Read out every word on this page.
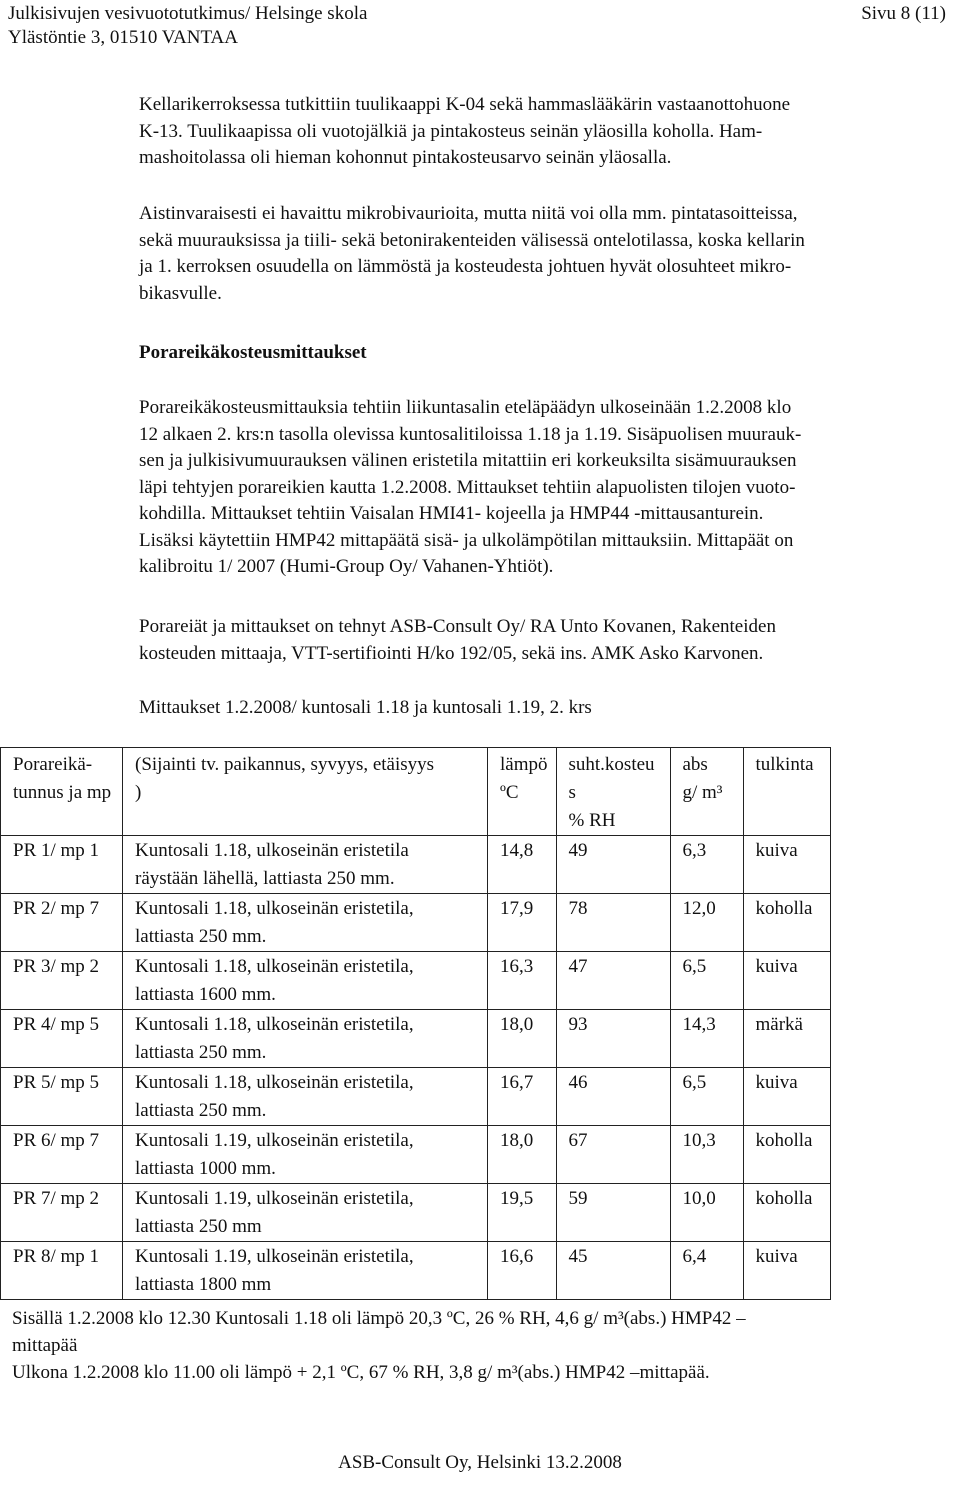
Julkisivujen vesivuototutkimus/ Helsinge skola
Ylästöntie 3, 01510 VANTAA
Sivu 8 (11)
Kellarikerroksessa tutkittiin tuulikaappi K-04 sekä hammaslääkärin vastaanottohuone
K-13. Tuulikaapissa oli vuotojälkiä ja pintakosteus seinän yläosilla koholla. Ham-
mashoitolassa oli hieman kohonnut pintakosteusarvo seinän yläosalla.
Aistinvaraisesti ei havaittu mikrobivaurioita, mutta niitä voi olla mm. pintatasoitteissa,
sekä muurauksissa ja tiili- sekä betonirakenteiden välisessä ontelotilassa, koska kellarin
ja 1. kerroksen osuudella on lämmöstä ja kosteudesta johtuen hyvät olosuhteet mikro-
bikasvulle.
Porareikäkosteusmittaukset
Porareikäkosteusmittauksia tehtiin liikuntasalin eteläpäädyn ulkoseinään 1.2.2008 klo
12 alkaen 2. krs:n tasolla olevissa kuntosalitiloissa 1.18 ja 1.19. Sisäpuolisen muurauk-
sen ja julkisivumuurauksen välinen eristetila mitattiin eri korkeuksilta sisämuurauksen
läpi tehtyjen porareikien kautta 1.2.2008. Mittaukset tehtiin alapuolisten tilojen vuoto-
kohdilla. Mittaukset tehtiin Vaisalan HMI41- kojeella ja HMP44 -mittausanturein.
Lisäksi käytettiin HMP42 mittapäätä sisä- ja ulkolämpötilan mittauksiin. Mittapäät on
kalibroitu 1/ 2007 (Humi-Group Oy/ Vahanen-Yhtiöt).
Porareiät ja mittaukset on tehnyt ASB-Consult Oy/ RA Unto Kovanen, Rakenteiden
kosteuden mittaaja, VTT-sertifiointi H/ko 192/05, sekä ins. AMK Asko Karvonen.
Mittaukset 1.2.2008/ kuntosali 1.18 ja kuntosali 1.19, 2. krs
Porareikä-
tunnus ja mp	(Sijainti tv. paikannus, syvyys, etäisyys
)	lämpö
ºC	suht.kosteu
s
% RH	abs
g/ m³	tulkinta

PR 1/ mp 1	Kuntosali 1.18, ulkoseinän eristetila
räystään lähellä, lattiasta 250 mm.	14,8	49	6,3	kuiva

PR 2/ mp 7	Kuntosali 1.18, ulkoseinän eristetila,
lattiasta 250 mm.	17,9	78	12,0	koholla

PR 3/ mp 2	Kuntosali 1.18, ulkoseinän eristetila,
lattiasta 1600 mm.	16,3	47	6,5	kuiva

PR 4/ mp 5	Kuntosali 1.18, ulkoseinän eristetila,
lattiasta 250 mm.	18,0	93	14,3	märkä

PR 5/ mp 5	Kuntosali 1.18, ulkoseinän eristetila,
lattiasta 250 mm.	16,7	46	6,5	kuiva

PR 6/ mp 7	Kuntosali 1.19, ulkoseinän eristetila,
lattiasta 1000 mm.	18,0	67	10,3	koholla

PR 7/ mp 2	Kuntosali 1.19, ulkoseinän eristetila,
lattiasta 250 mm	19,5	59	10,0	koholla

PR 8/ mp 1	Kuntosali 1.19, ulkoseinän eristetila,
lattiasta 1800 mm	16,6	45	6,4	kuiva
Sisällä 1.2.2008 klo 12.30 Kuntosali 1.18 oli lämpö 20,3 ºC, 26 % RH, 4,6 g/ m³(abs.) HMP42 –
mittapää
Ulkona 1.2.2008 klo 11.00 oli lämpö + 2,1 ºC, 67 % RH, 3,8 g/ m³(abs.) HMP42 –mittapää.
ASB-Consult Oy, Helsinki 13.2.2008
